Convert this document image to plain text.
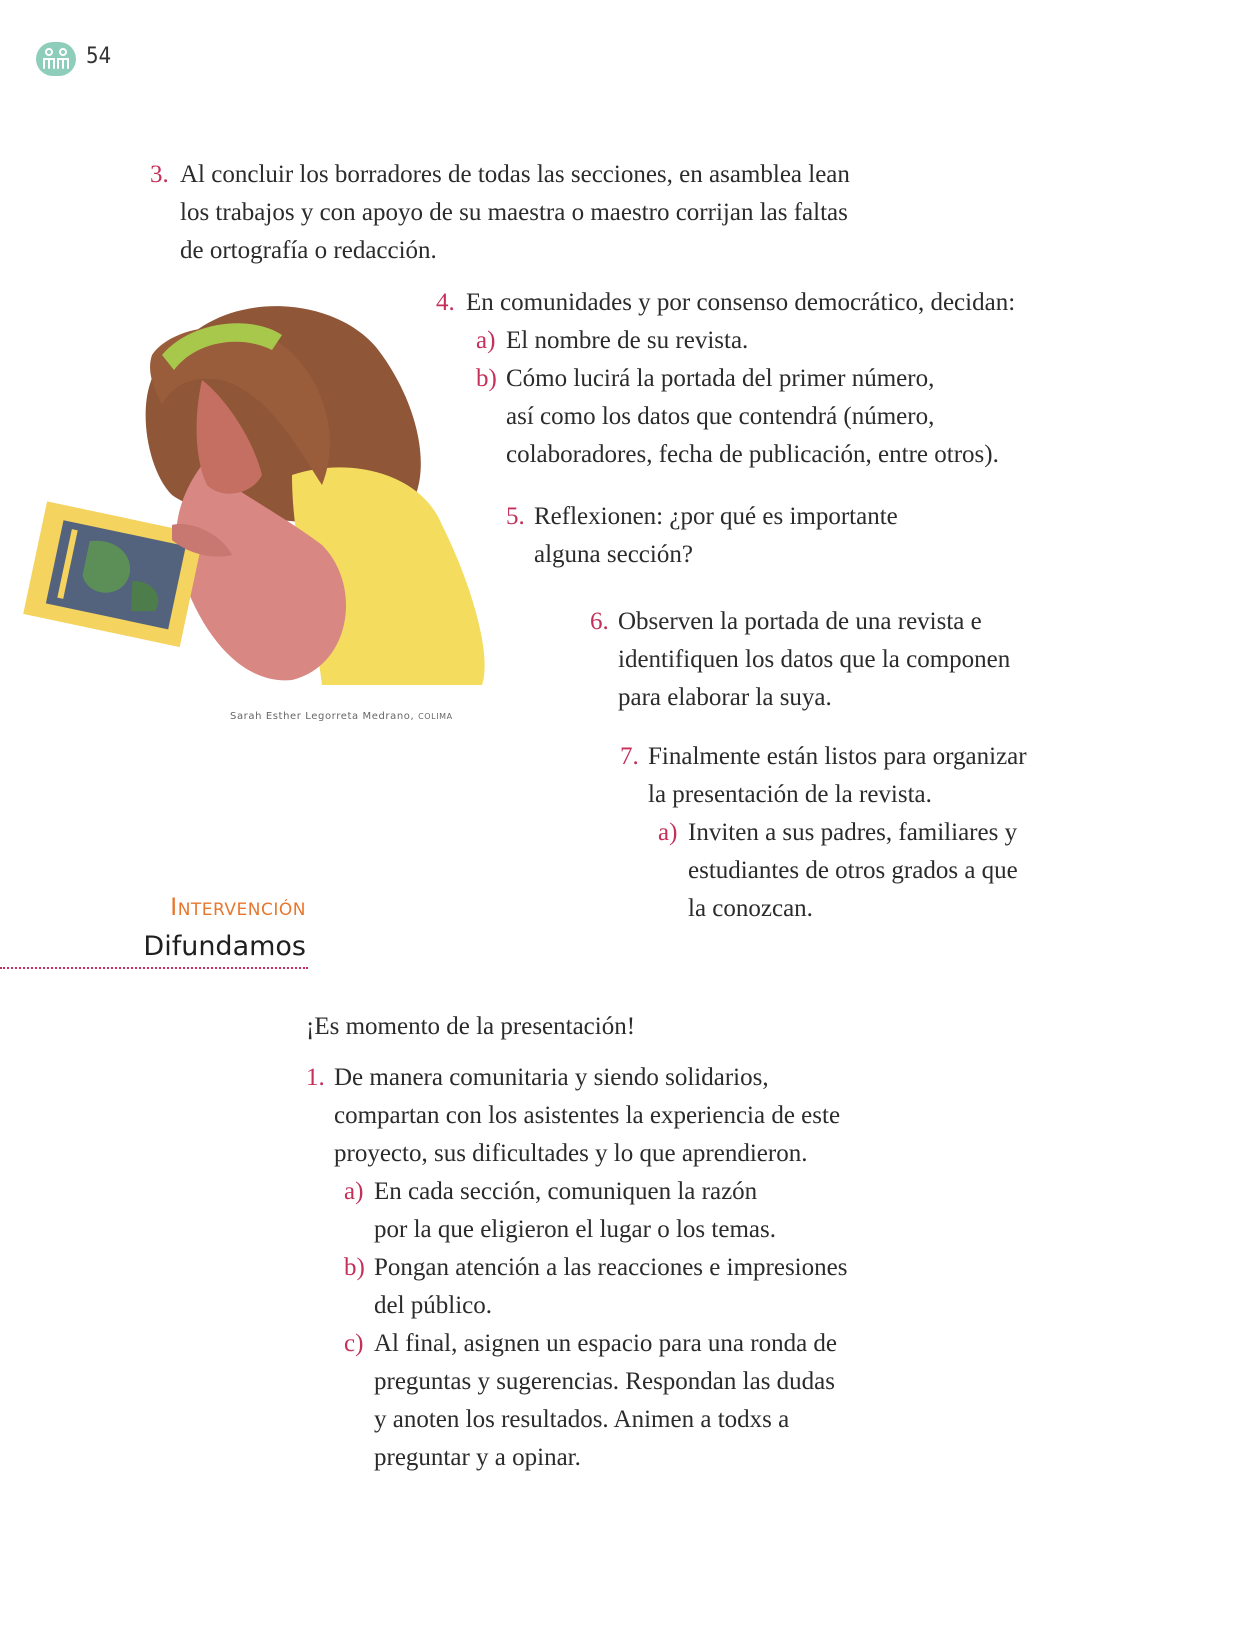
54
3. Al concluir los borradores de todas las secciones, en asamblea lean
los trabajos y con apoyo de su maestra o maestro corrijan las faltas
de ortografía o redacción.
Sarah Esther Legorreta Medrano, COLIMA
4. En comunidades y por consenso democrático, decidan:
a) El nombre de su revista.
b) Cómo lucirá la portada del primer número,
así como los datos que contendrá (número,
colaboradores, fecha de publicación, entre otros).
5. Reflexionen: ¿por qué es importante
alguna sección?
6. Observen la portada de una revista e
identifiquen los datos que la componen
para elaborar la suya.
7. Finalmente están listos para organizar
la presentación de la revista.
a) Inviten a sus padres, familiares y
estudiantes de otros grados a que
la conozcan.
Intervención
Difundamos
¡Es momento de la presentación!
1. De manera comunitaria y siendo solidarios,
compartan con los asistentes la experiencia de este
proyecto, sus dificultades y lo que aprendieron.
a) En cada sección, comuniquen la razón
por la que eligieron el lugar o los temas.
b) Pongan atención a las reacciones e impresiones
del público.
c) Al final, asignen un espacio para una ronda de
preguntas y sugerencias. Respondan las dudas
y anoten los resultados. Animen a todxs a
preguntar y a opinar.
